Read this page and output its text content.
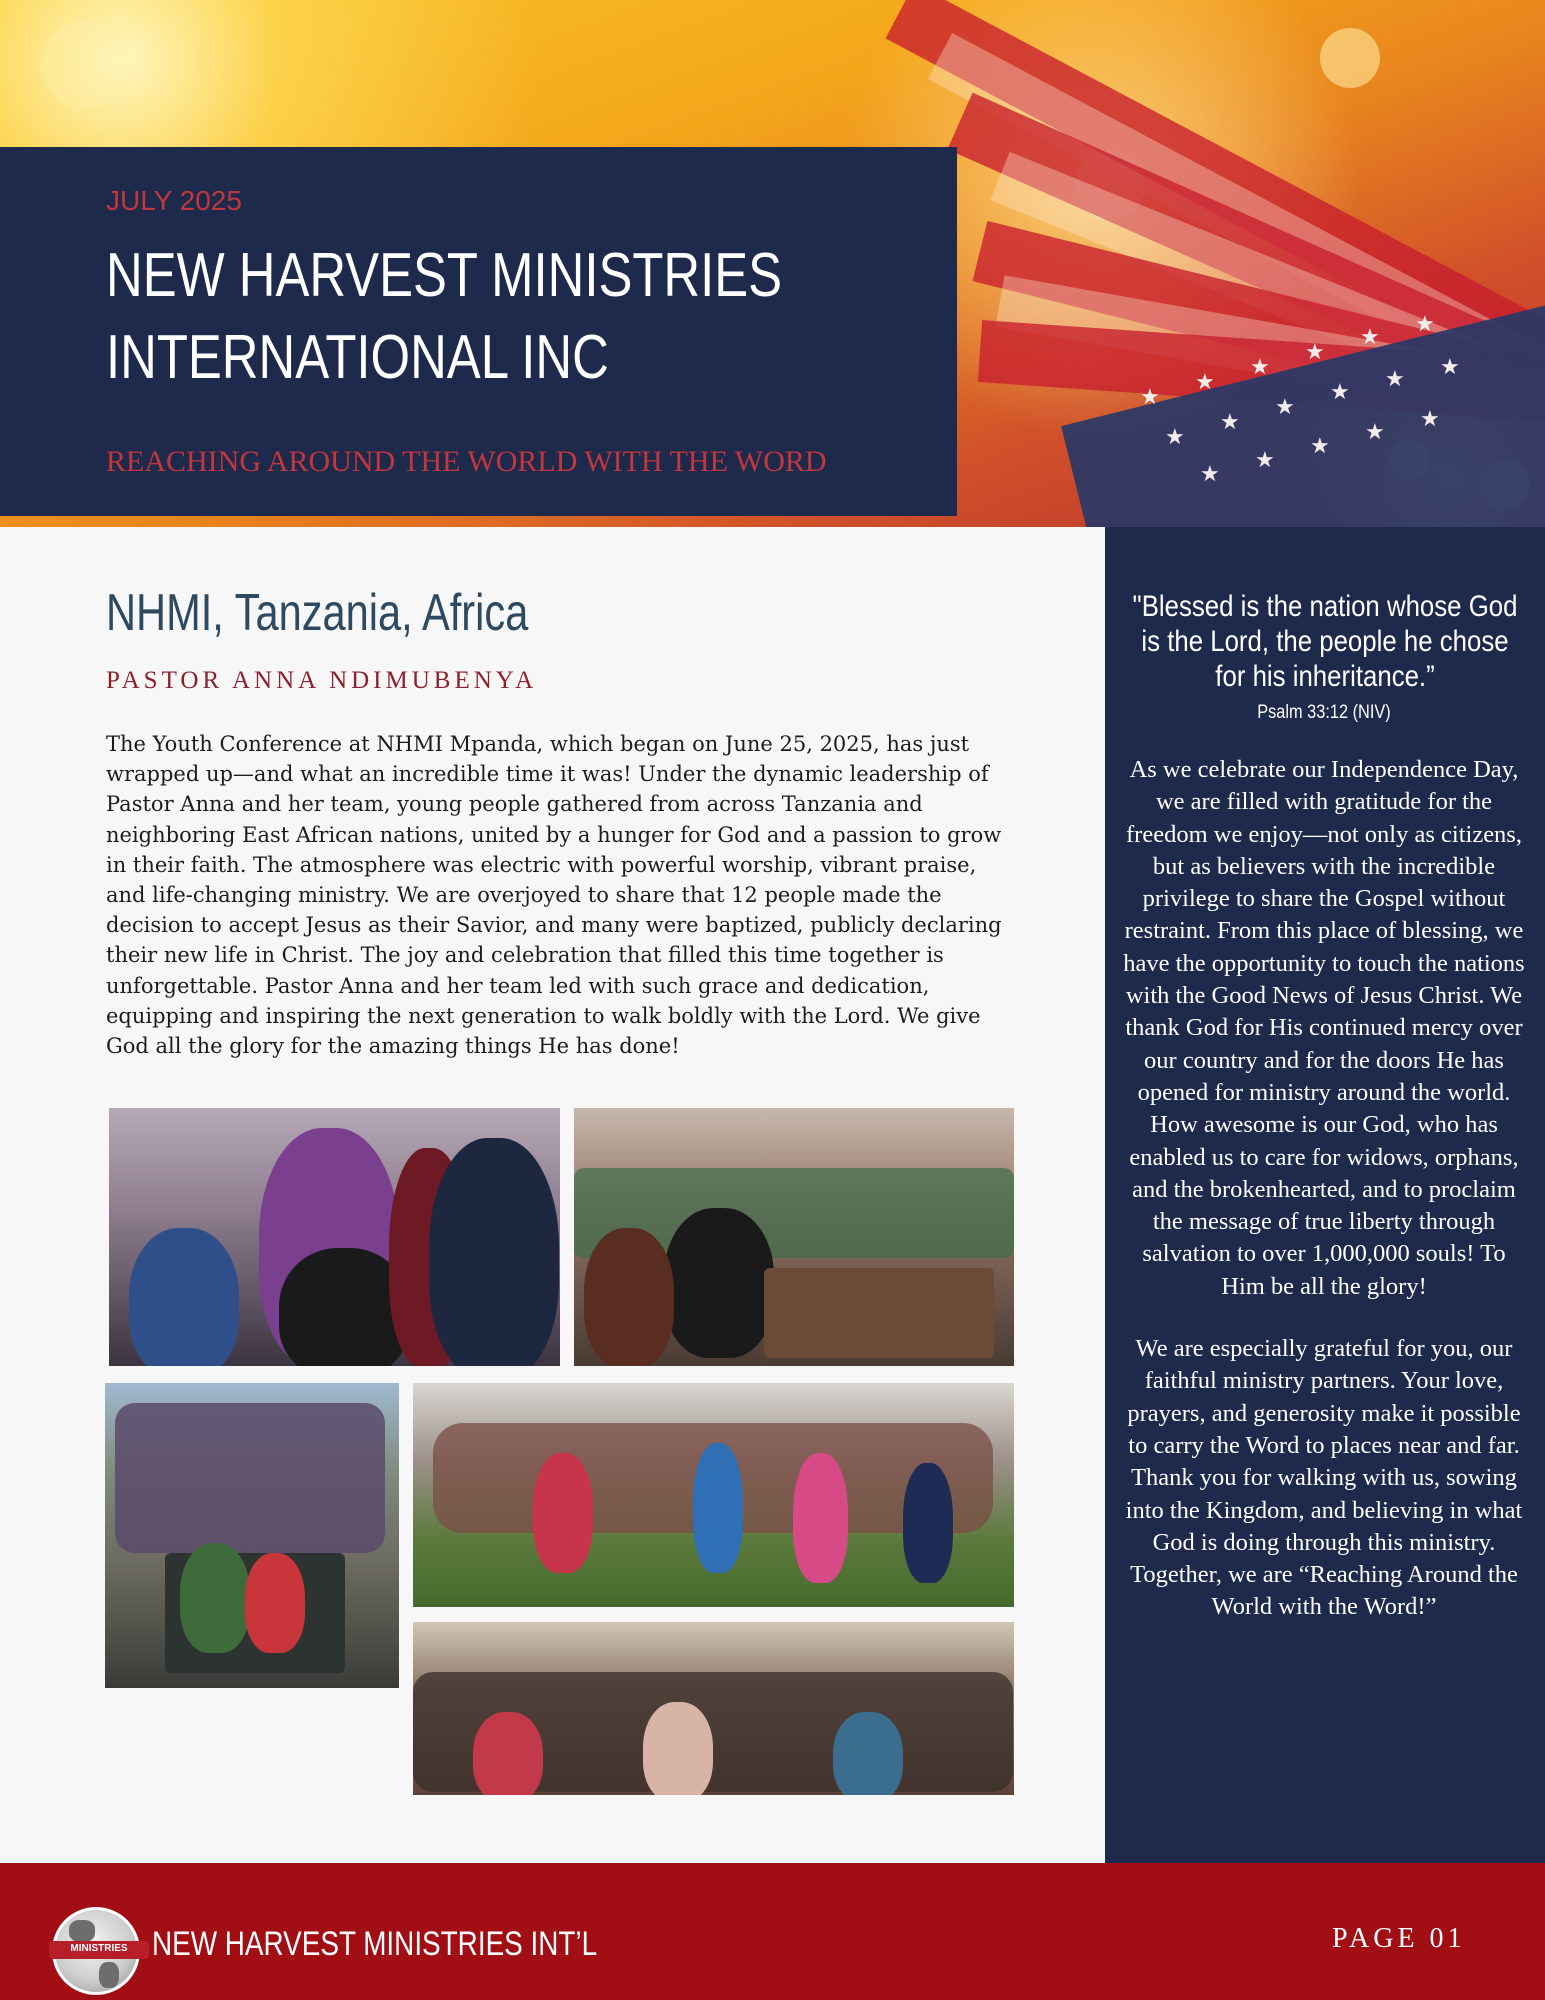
★
★
★
★
★
★
★
★
★
★
★ ★
★
★
★
★
★
JULY 2025
NEW HARVEST MINISTRIES
INTERNATIONAL INC
REACHING AROUND THE WORLD WITH THE WORD
NHMI, Tanzania, Africa
PASTOR ANNA NDIMUBENYA
The Youth Conference at NHMI Mpanda, which began on June 25, 2025, has just wrapped up—and what an incredible time it was! Under the dynamic leadership of Pastor Anna and her team, young people gathered from across Tanzania and neighboring East African nations, united by a hunger for God and a passion to grow in their faith. The atmosphere was electric with powerful worship, vibrant praise, and life-changing ministry. We are overjoyed to share that 12 people made the decision to accept Jesus as their Savior, and many were baptized, publicly declaring their new life in Christ. The joy and celebration that filled this time together is unforgettable. Pastor Anna and her team led with such grace and dedication, equipping and inspiring the next generation to walk boldly with the Lord. We give God all the glory for the amazing things He has done!
"Blessed is the nation whose God is the Lord, the people he chose for his inheritance.”
Psalm 33:12 (NIV)
As we celebrate our Independence Day, we are filled with gratitude for the freedom we enjoy—not only as citizens, but as believers with the incredible privilege to share the Gospel without restraint. From this place of blessing, we have the opportunity to touch the nations with the Good News of Jesus Christ. We thank God for His continued mercy over our country and for the doors He has opened for ministry around the world. How awesome is our God, who has enabled us to care for widows, orphans, and the brokenhearted, and to proclaim the message of true liberty through salvation to over 1,000,000 souls! To Him be all the glory!
We are especially grateful for you, our faithful ministry partners. Your love, prayers, and generosity make it possible to carry the Word to places near and far. Thank you for walking with us, sowing into the Kingdom, and believing in what God is doing through this ministry. Together, we are “Reaching Around the World with the Word!”
MINISTRIES NEW HARVEST MINISTRIES INT’L	PAGE 01
